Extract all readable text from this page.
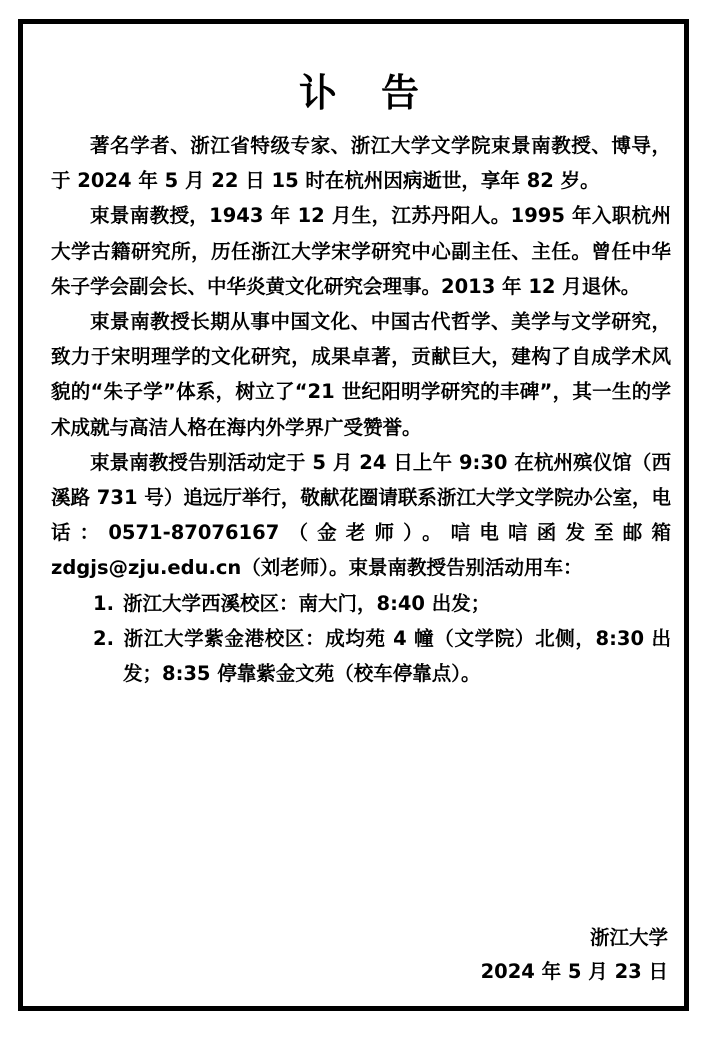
讣 告

著名学者、浙江省特级专家、浙江大学文学院束景南教授、博导，于 2024 年 5 月 22 日 15 时在杭州因病逝世，享年 82 岁。

束景南教授，1943 年 12 月生，江苏丹阳人。1995 年入职杭州大学古籍研究所，历任浙江大学宋学研究中心副主任、主任。曾任中华朱子学会副会长、中华炎黄文化研究会理事。2013 年 12 月退休。

束景南教授长期从事中国文化、中国古代哲学、美学与文学研究，致力于宋明理学的文化研究，成果卓著，贡献巨大，建构了自成学术风貌的“朱子学”体系，树立了“21 世纪阳明学研究的丰碑”，其一生的学术成就与高洁人格在海内外学界广受赞誉。

束景南教授告别活动定于 5 月 24 日上午 9:30 在杭州殡仪馆（西溪路 731 号）追远厅举行，敬献花圈请联系浙江大学文学院办公室，电话：0571-87076167（金老师）。唁电唁函发至邮箱 zdgjs@zju.edu.cn（刘老师）。束景南教授告别活动用车：

1. 浙江大学西溪校区：南大门，8:40 出发；
2. 浙江大学紫金港校区：成均苑 4 幢（文学院）北侧，8:30 出发；8:35 停靠紫金文苑（校车停靠点）。
浙江大学
2024 年 5 月 23 日
